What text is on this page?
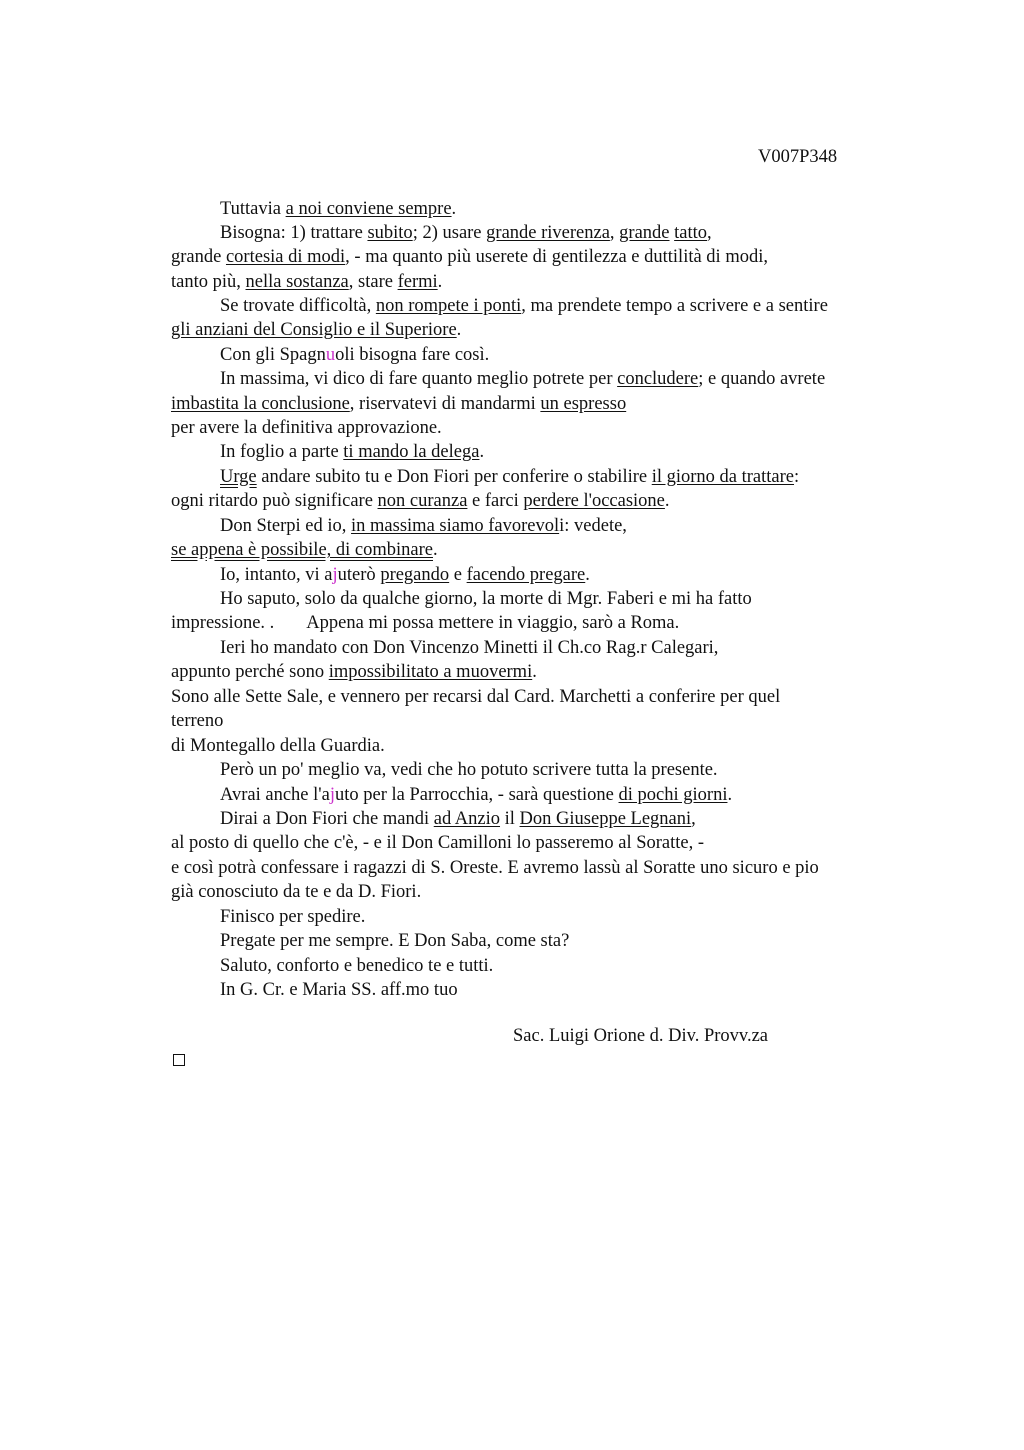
V007P348
Tuttavia a noi conviene sempre.
Bisogna: 1) trattare subito; 2) usare grande riverenza, grande tatto,
grande cortesia di modi, - ma quanto più userete di gentilezza e duttilità di modi,
tanto più, nella sostanza, stare fermi.
Se trovate difficoltà, non rompete i ponti, ma prendete tempo a scrivere e a sentire
gli anziani del Consiglio e il Superiore.
Con gli Spagnuoli bisogna fare così.
In massima, vi dico di fare quanto meglio potrete per concludere; e quando avrete
imbastita la conclusione, riservatevi di mandarmi un espresso
per avere la definitiva approvazione.
In foglio a parte ti mando la delega.
Urge andare subito tu e Don Fiori per conferire o stabilire il giorno da trattare:
ogni ritardo può significare non curanza e farci perdere l'occasione.
Don Sterpi ed io, in massima siamo favorevoli: vedete,
se appena è possibile, di combinare.
Io, intanto, vi ajuterò pregando e facendo pregare.
Ho saputo, solo da qualche giorno, la morte di Mgr. Faberi e mi ha fatto
impressione. . Appena mi possa mettere in viaggio, sarò a Roma.
Ieri ho mandato con Don Vincenzo Minetti il Ch.co Rag.r Calegari,
appunto perché sono impossibilitato a muovermi.
Sono alle Sette Sale, e vennero per recarsi dal Card. Marchetti a conferire per quel
terreno
di Montegallo della Guardia.
Però un po' meglio va, vedi che ho potuto scrivere tutta la presente.
Avrai anche l'ajuto per la Parrocchia, - sarà questione di pochi giorni.
Dirai a Don Fiori che mandi ad Anzio il Don Giuseppe Legnani,
al posto di quello che c'è, - e il Don Camilloni lo passeremo al Soratte, -
e così potrà confessare i ragazzi di S. Oreste. E avremo lassù al Soratte uno sicuro e pio
già conosciuto da te e da D. Fiori.
Finisco per spedire.
Pregate per me sempre. E Don Saba, come sta?
Saluto, conforto e benedico te e tutti.
In G. Cr. e Maria SS. aff.mo tuo
Sac. Luigi Orione d. Div. Provv.za
